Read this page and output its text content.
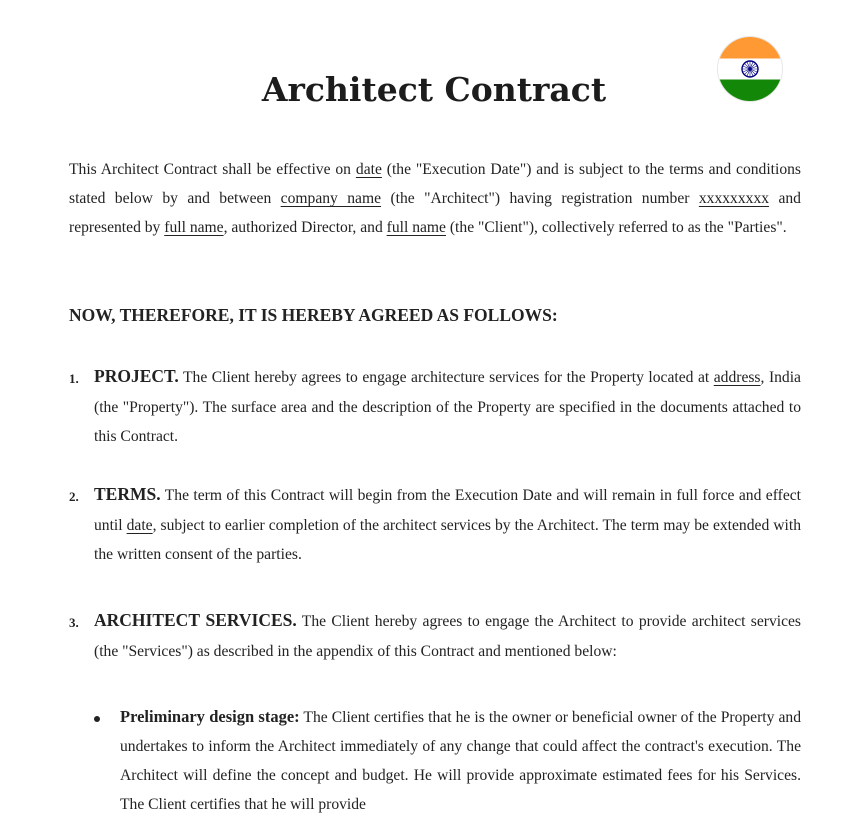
Architect Contract
This Architect Contract shall be effective on date (the "Execution Date") and is subject to the terms and conditions stated below by and between company name (the "Architect") having registration number xxxxxxxxx and represented by full name, authorized Director, and full name (the "Client"), collectively referred to as the "Parties".
NOW, THEREFORE, IT IS HEREBY AGREED AS FOLLOWS:
1. PROJECT. The Client hereby agrees to engage architecture services for the Property located at address, India (the "Property"). The surface area and the description of the Property are specified in the documents attached to this Contract.
2. TERMS. The term of this Contract will begin from the Execution Date and will remain in full force and effect until date, subject to earlier completion of the architect services by the Architect. The term may be extended with the written consent of the parties.
3. ARCHITECT SERVICES. The Client hereby agrees to engage the Architect to provide architect services (the "Services") as described in the appendix of this Contract and mentioned below:
Preliminary design stage: The Client certifies that he is the owner or beneficial owner of the Property and undertakes to inform the Architect immediately of any change that could affect the contract's execution. The Architect will define the concept and budget. He will provide approximate estimated fees for his Services. The Client certifies that he will provide
